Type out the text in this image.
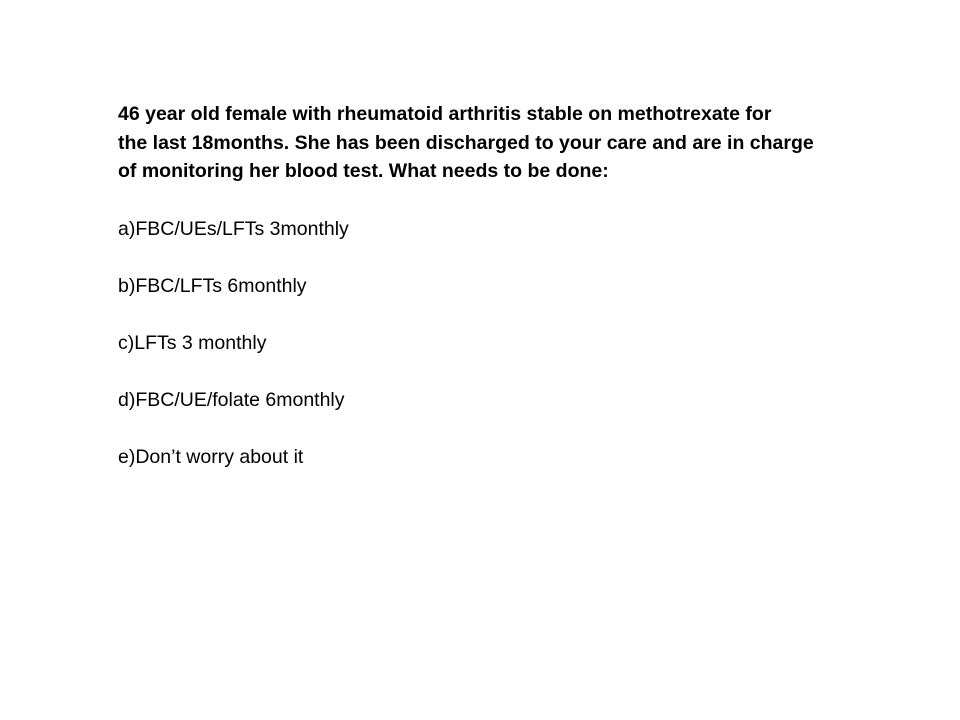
46 year old female with rheumatoid arthritis stable on methotrexate for
the last 18months. She has been discharged to your care and are in charge
of monitoring her blood test. What needs to be done:

a)FBC/UEs/LFTs 3monthly
b)FBC/LFTs 6monthly
c)LFTs 3 monthly
d)FBC/UE/folate 6monthly
e)Don’t worry about it
